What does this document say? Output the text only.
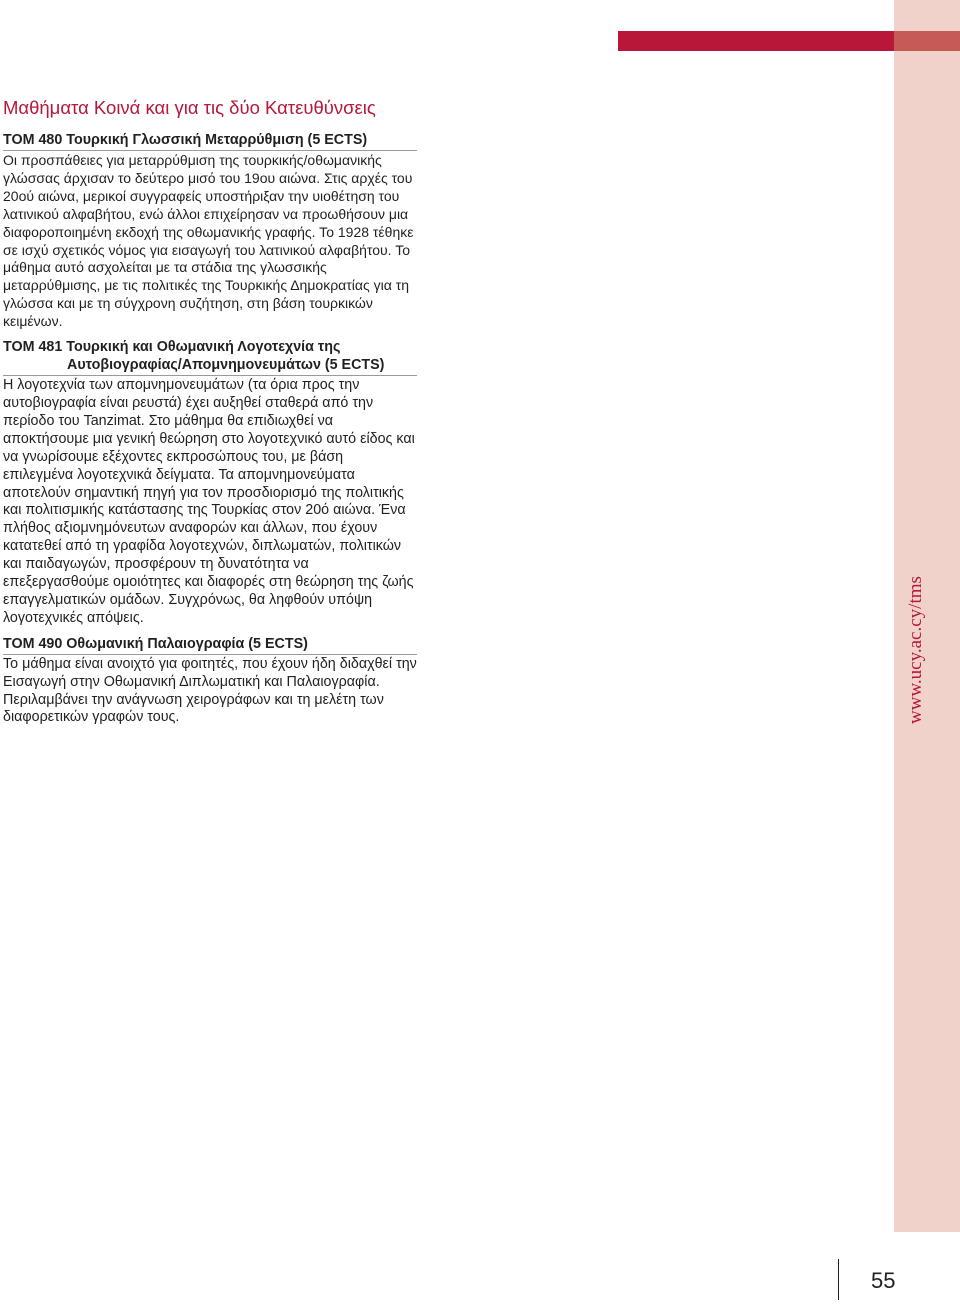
www.ucy.ac.cy/tms
Μαθήματα Κοινά και για τις δύο Κατευθύνσεις
TOM 480 Τουρκική Γλωσσική Μεταρρύθμιση (5 ECTS)

Οι προσπάθειες για μεταρρύθμιση της τουρκικής/οθωμανικής γλώσσας άρχισαν το δεύτερο μισό του 19ου αιώνα. Στις αρχές του 20ού αιώνα, μερικοί συγγραφείς υποστήριξαν την υιοθέτηση του λατινικού αλφαβήτου, ενώ άλλοι επιχείρησαν να προωθήσουν μια διαφοροποιημένη εκδοχή της οθωμανικής γραφής. Το 1928 τέθηκε σε ισχύ σχετικός νόμος για εισαγωγή του λατινικού αλφαβήτου. Το μάθημα αυτό ασχολείται με τα στάδια της γλωσσικής μεταρρύθμισης, με τις πολιτικές της Τουρκικής Δημοκρατίας για τη γλώσσα και με τη σύγχρονη συζήτηση, στη βάση τουρκικών κειμένων.

TOM 481 Τουρκική και Οθωμανική Λογοτεχνία της
Αυτοβιογραφίας/Απομνημονευμάτων (5 ECTS)

Η λογοτεχνία των απομνημονευμάτων (τα όρια προς την αυτοβιογραφία είναι ρευστά) έχει αυξηθεί σταθερά από την περίοδο του Tanzimat. Στο μάθημα θα επιδιωχθεί να αποκτήσουμε μια γενική θεώρηση στο λογοτεχνικό αυτό είδος και να γνωρίσουμε εξέχοντες εκπροσώπους του, με βάση επιλεγμένα λογοτεχνικά δείγματα. Τα απομνημονεύματα αποτελούν σημαντική πηγή για τον προσδιορισμό της πολιτικής και πολιτισμικής κατάστασης της Τουρκίας στον 20ό αιώνα. Ένα πλήθος αξιομνημόνευτων αναφορών και άλλων, που έχουν κατατεθεί από τη γραφίδα λογοτεχνών, διπλωματών, πολιτικών και παιδαγωγών, προσφέρουν τη δυνατότητα να επεξεργασθούμε ομοιότητες και διαφορές στη θεώρηση της ζωής επαγγελματικών ομάδων. Συγχρόνως, θα ληφθούν υπόψη λογοτεχνικές απόψεις.

TOM 490 Οθωμανική Παλαιογραφία (5 ECTS)

Το μάθημα είναι ανοιχτό για φοιτητές, που έχουν ήδη διδαχθεί την Εισαγωγή στην Οθωμανική Διπλωματική και Παλαιογραφία. Περιλαμβάνει την ανάγνωση χειρογράφων και τη μελέτη των διαφορετικών γραφών τους.

55
